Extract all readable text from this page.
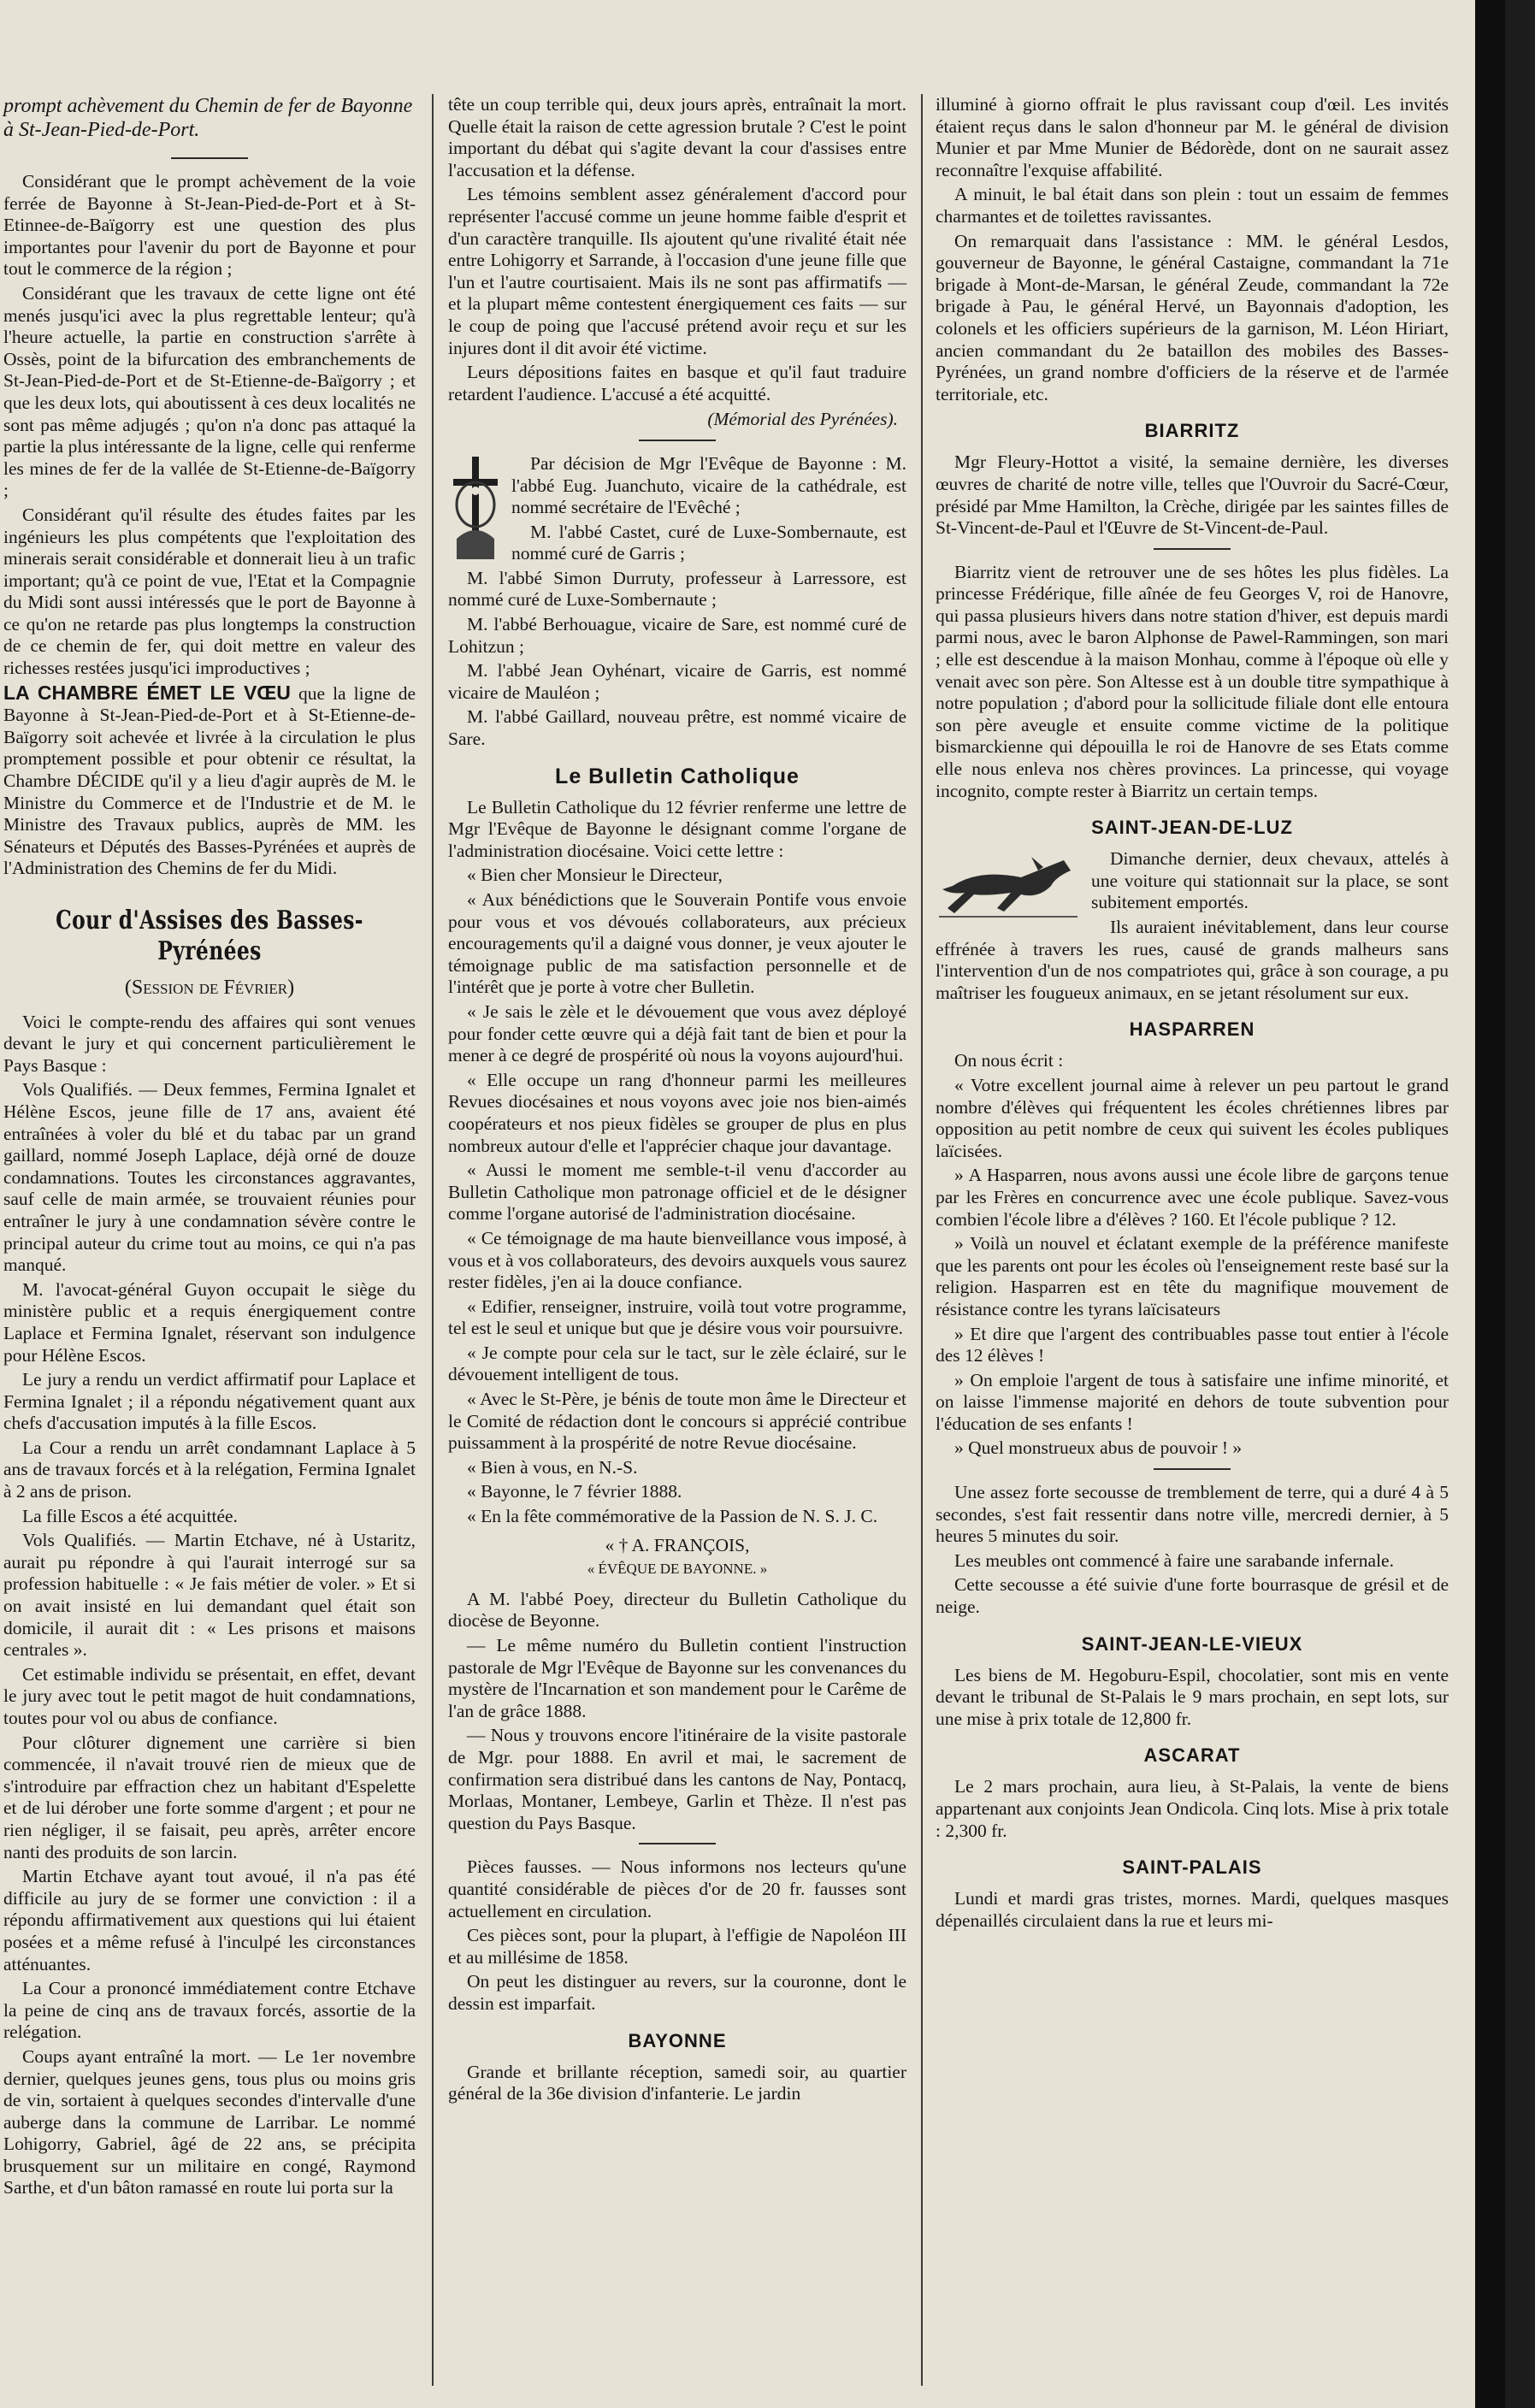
prompt achèvement du Chemin de fer de Bayonne à St-Jean-Pied-de-Port.

Considérant que le prompt achèvement de la voie ferrée de Bayonne à St-Jean-Pied-de-Port et à St-Etinnee-de-Baïgorry est une question des plus importantes pour l'avenir du port de Bayonne et pour tout le commerce de la région ;

Considérant que les travaux de cette ligne ont été menés jusqu'ici avec la plus regrettable lenteur; qu'à l'heure actuelle, la partie en construction s'arrête à Ossès, point de la bifurcation des embranchements de St-Jean-Pied-de-Port et de St-Etienne-de-Baïgorry ; et que les deux lots, qui aboutissent à ces deux localités ne sont pas même adjugés ; qu'on n'a donc pas attaqué la partie la plus intéressante de la ligne, celle qui renferme les mines de fer de la vallée de St-Etienne-de-Baïgorry ;

Considérant qu'il résulte des études faites par les ingénieurs les plus compétents que l'exploitation des minerais serait considérable et donnerait lieu à un trafic important; qu'à ce point de vue, l'Etat et la Compagnie du Midi sont aussi intéressés que le port de Bayonne à ce qu'on ne retarde pas plus longtemps la construction de ce chemin de fer, qui doit mettre en valeur des richesses restées jusqu'ici improductives ;

LA CHAMBRE ÉMET LE VŒU que la ligne de Bayonne à St-Jean-Pied-de-Port et à St-Etienne-de-Baïgorry soit achevée et livrée à la circulation le plus promptement possible et pour obtenir ce résultat, la Chambre DÉCIDE qu'il y a lieu d'agir auprès de M. le Ministre du Commerce et de l'Industrie et de M. le Ministre des Travaux publics, auprès de MM. les Sénateurs et Députés des Basses-Pyrénées et auprès de l'Administration des Chemins de fer du Midi.

Cour d'Assises des Basses-Pyrénées
(Session de Février)

Voici le compte-rendu des affaires qui sont venues devant le jury et qui concernent particulièrement le Pays Basque :

Vols Qualifiés. — Deux femmes, Fermina Ignalet et Hélène Escos, jeune fille de 17 ans, avaient été entraînées à voler du blé et du tabac par un grand gaillard, nommé Joseph Laplace, déjà orné de douze condamnations. Toutes les circonstances aggravantes, sauf celle de main armée, se trouvaient réunies pour entraîner le jury à une condamnation sévère contre le principal auteur du crime tout au moins, ce qui n'a pas manqué.

M. l'avocat-général Guyon occupait le siège du ministère public et a requis énergiquement contre Laplace et Fermina Ignalet, réservant son indulgence pour Hélène Escos.

Le jury a rendu un verdict affirmatif pour Laplace et Fermina Ignalet ; il a répondu négativement quant aux chefs d'accusation imputés à la fille Escos.

La Cour a rendu un arrêt condamnant Laplace à 5 ans de travaux forcés et à la relégation, Fermina Ignalet à 2 ans de prison.

La fille Escos a été acquittée.

Vols Qualifiés. — Martin Etchave, né à Ustaritz, aurait pu répondre à qui l'aurait interrogé sur sa profession habituelle : « Je fais métier de voler. » Et si on avait insisté en lui demandant quel était son domicile, il aurait dit : « Les prisons et maisons centrales ».

Cet estimable individu se présentait, en effet, devant le jury avec tout le petit magot de huit condamnations, toutes pour vol ou abus de confiance.

Pour clôturer dignement une carrière si bien commencée, il n'avait trouvé rien de mieux que de s'introduire par effraction chez un habitant d'Espelette et de lui dérober une forte somme d'argent ; et pour ne rien négliger, il se faisait, peu après, arrêter encore nanti des produits de son larcin.

Martin Etchave ayant tout avoué, il n'a pas été difficile au jury de se former une conviction : il a répondu affirmativement aux questions qui lui étaient posées et a même refusé à l'inculpé les circonstances atténuantes.

La Cour a prononcé immédiatement contre Etchave la peine de cinq ans de travaux forcés, assortie de la relégation.

Coups ayant entraîné la mort. — Le 1er novembre dernier, quelques jeunes gens, tous plus ou moins gris de vin, sortaient à quelques secondes d'intervalle d'une auberge dans la commune de Larribar. Le nommé Lohigorry, Gabriel, âgé de 22 ans, se précipita brusquement sur un militaire en congé, Raymond Sarthe, et d'un bâton ramassé en route lui porta sur la

tête un coup terrible qui, deux jours après, entraînait la mort. Quelle était la raison de cette agression brutale ? C'est le point important du débat qui s'agite devant la cour d'assises entre l'accusation et la défense.

Les témoins semblent assez généralement d'accord pour représenter l'accusé comme un jeune homme faible d'esprit et d'un caractère tranquille. Ils ajoutent qu'une rivalité était née entre Lohigorry et Sarrande, à l'occasion d'une jeune fille que l'un et l'autre courtisaient. Mais ils ne sont pas affirmatifs — et la plupart même contestent énergiquement ces faits — sur le coup de poing que l'accusé prétend avoir reçu et sur les injures dont il dit avoir été victime.

Leurs dépositions faites en basque et qu'il faut traduire retardent l'audience. L'accusé a été acquitté.

(Mémorial des Pyrénées).

Par décision de Mgr l'Evêque de Bayonne : M. l'abbé Eug. Juanchuto, vicaire de la cathédrale, est nommé secrétaire de l'Evêché ;

M. l'abbé Castet, curé de Luxe-Sombernaute, est nommé curé de Garris ;

M. l'abbé Simon Durruty, professeur à Larressore, est nommé curé de Luxe-Sombernaute ;

M. l'abbé Berhouague, vicaire de Sare, est nommé curé de Lohitzun ;

M. l'abbé Jean Oyhénart, vicaire de Garris, est nommé vicaire de Mauléon ;

M. l'abbé Gaillard, nouveau prêtre, est nommé vicaire de Sare.

Le Bulletin Catholique

Le Bulletin Catholique du 12 février renferme une lettre de Mgr l'Evêque de Bayonne le désignant comme l'organe de l'administration diocésaine. Voici cette lettre :

« Bien cher Monsieur le Directeur,

« Aux bénédictions que le Souverain Pontife vous envoie pour vous et vos dévoués collaborateurs, aux précieux encouragements qu'il a daigné vous donner, je veux ajouter le témoignage public de ma satisfaction personnelle et de l'intérêt que je porte à votre cher Bulletin.

« Je sais le zèle et le dévouement que vous avez déployé pour fonder cette œuvre qui a déjà fait tant de bien et pour la mener à ce degré de prospérité où nous la voyons aujourd'hui.

« Elle occupe un rang d'honneur parmi les meilleures Revues diocésaines et nous voyons avec joie nos bien-aimés coopérateurs et nos pieux fidèles se grouper de plus en plus nombreux autour d'elle et l'apprécier chaque jour davantage.

« Aussi le moment me semble-t-il venu d'accorder au Bulletin Catholique mon patronage officiel et de le désigner comme l'organe autorisé de l'administration diocésaine.

« Ce témoignage de ma haute bienveillance vous imposé, à vous et à vos collaborateurs, des devoirs auxquels vous saurez rester fidèles, j'en ai la douce confiance.

« Edifier, renseigner, instruire, voilà tout votre programme, tel est le seul et unique but que je désire vous voir poursuivre.

« Je compte pour cela sur le tact, sur le zèle éclairé, sur le dévouement intelligent de tous.

« Avec le St-Père, je bénis de toute mon âme le Directeur et le Comité de rédaction dont le concours si apprécié contribue puissamment à la prospérité de notre Revue diocésaine.

« Bien à vous, en N.-S.

« Bayonne, le 7 février 1888.

« En la fête commémorative de la Passion de N. S. J. C.

« † A. FRANÇOIS,

« ÉVÊQUE DE BAYONNE. »

A M. l'abbé Poey, directeur du Bulletin Catholique du diocèse de Beyonne.

— Le même numéro du Bulletin contient l'instruction pastorale de Mgr l'Evêque de Bayonne sur les convenances du mystère de l'Incarnation et son mandement pour le Carême de l'an de grâce 1888.

— Nous y trouvons encore l'itinéraire de la visite pastorale de Mgr. pour 1888. En avril et mai, le sacrement de confirmation sera distribué dans les cantons de Nay, Pontacq, Morlaas, Montaner, Lembeye, Garlin et Thèze. Il n'est pas question du Pays Basque.

Pièces fausses. — Nous informons nos lecteurs qu'une quantité considérable de pièces d'or de 20 fr. fausses sont actuellement en circulation.

Ces pièces sont, pour la plupart, à l'effigie de Napoléon III et au millésime de 1858.

On peut les distinguer au revers, sur la couronne, dont le dessin est imparfait.

BAYONNE

Grande et brillante réception, samedi soir, au quartier général de la 36e division d'infanterie. Le jardin

illuminé à giorno offrait le plus ravissant coup d'œil. Les invités étaient reçus dans le salon d'honneur par M. le général de division Munier et par Mme Munier de Bédorède, dont on ne saurait assez reconnaître l'exquise affabilité.

A minuit, le bal était dans son plein : tout un essaim de femmes charmantes et de toilettes ravissantes.

On remarquait dans l'assistance : MM. le général Lesdos, gouverneur de Bayonne, le général Castaigne, commandant la 71e brigade à Mont-de-Marsan, le général Zeude, commandant la 72e brigade à Pau, le général Hervé, un Bayonnais d'adoption, les colonels et les officiers supérieurs de la garnison, M. Léon Hiriart, ancien commandant du 2e bataillon des mobiles des Basses-Pyrénées, un grand nombre d'officiers de la réserve et de l'armée territoriale, etc.

BIARRITZ

Mgr Fleury-Hottot a visité, la semaine dernière, les diverses œuvres de charité de notre ville, telles que l'Ouvroir du Sacré-Cœur, présidé par Mme Hamilton, la Crèche, dirigée par les saintes filles de St-Vincent-de-Paul et l'Œuvre de St-Vincent-de-Paul.

Biarritz vient de retrouver une de ses hôtes les plus fidèles. La princesse Frédérique, fille aînée de feu Georges V, roi de Hanovre, qui passa plusieurs hivers dans notre station d'hiver, est depuis mardi parmi nous, avec le baron Alphonse de Pawel-Rammingen, son mari ; elle est descendue à la maison Monhau, comme à l'époque où elle y venait avec son père. Son Altesse est à un double titre sympathique à notre population ; d'abord pour la sollicitude filiale dont elle entoura son père aveugle et ensuite comme victime de la politique bismarckienne qui dépouilla le roi de Hanovre de ses Etats comme elle nous enleva nos chères provinces. La princesse, qui voyage incognito, compte rester à Biarritz un certain temps.

SAINT-JEAN-DE-LUZ

Dimanche dernier, deux chevaux, attelés à une voiture qui stationnait sur la place, se sont subitement emportés.

Ils auraient inévitablement, dans leur course effrénée à travers les rues, causé de grands malheurs sans l'intervention d'un de nos compatriotes qui, grâce à son courage, a pu maîtriser les fougueux animaux, en se jetant résolument sur eux.

HASPARREN

On nous écrit :

« Votre excellent journal aime à relever un peu partout le grand nombre d'élèves qui fréquentent les écoles chrétiennes libres par opposition au petit nombre de ceux qui suivent les écoles publiques laïcisées.

» A Hasparren, nous avons aussi une école libre de garçons tenue par les Frères en concurrence avec une école publique. Savez-vous combien l'école libre a d'élèves ? 160. Et l'école publique ? 12.

» Voilà un nouvel et éclatant exemple de la préférence manifeste que les parents ont pour les écoles où l'enseignement reste basé sur la religion. Hasparren est en tête du magnifique mouvement de résistance contre les tyrans laïcisateurs

» Et dire que l'argent des contribuables passe tout entier à l'école des 12 élèves !

» On emploie l'argent de tous à satisfaire une infime minorité, et on laisse l'immense majorité en dehors de toute subvention pour l'éducation de ses enfants !

» Quel monstrueux abus de pouvoir ! »

Une assez forte secousse de tremblement de terre, qui a duré 4 à 5 secondes, s'est fait ressentir dans notre ville, mercredi dernier, à 5 heures 5 minutes du soir.

Les meubles ont commencé à faire une sarabande infernale.

Cette secousse a été suivie d'une forte bourrasque de grésil et de neige.

SAINT-JEAN-LE-VIEUX

Les biens de M. Hegoburu-Espil, chocolatier, sont mis en vente devant le tribunal de St-Palais le 9 mars prochain, en sept lots, sur une mise à prix totale de 12,800 fr.

ASCARAT

Le 2 mars prochain, aura lieu, à St-Palais, la vente de biens appartenant aux conjoints Jean Ondicola. Cinq lots. Mise à prix totale : 2,300 fr.

SAINT-PALAIS

Lundi et mardi gras tristes, mornes. Mardi, quelques masques dépenaillés circulaient dans la rue et leurs mi-
